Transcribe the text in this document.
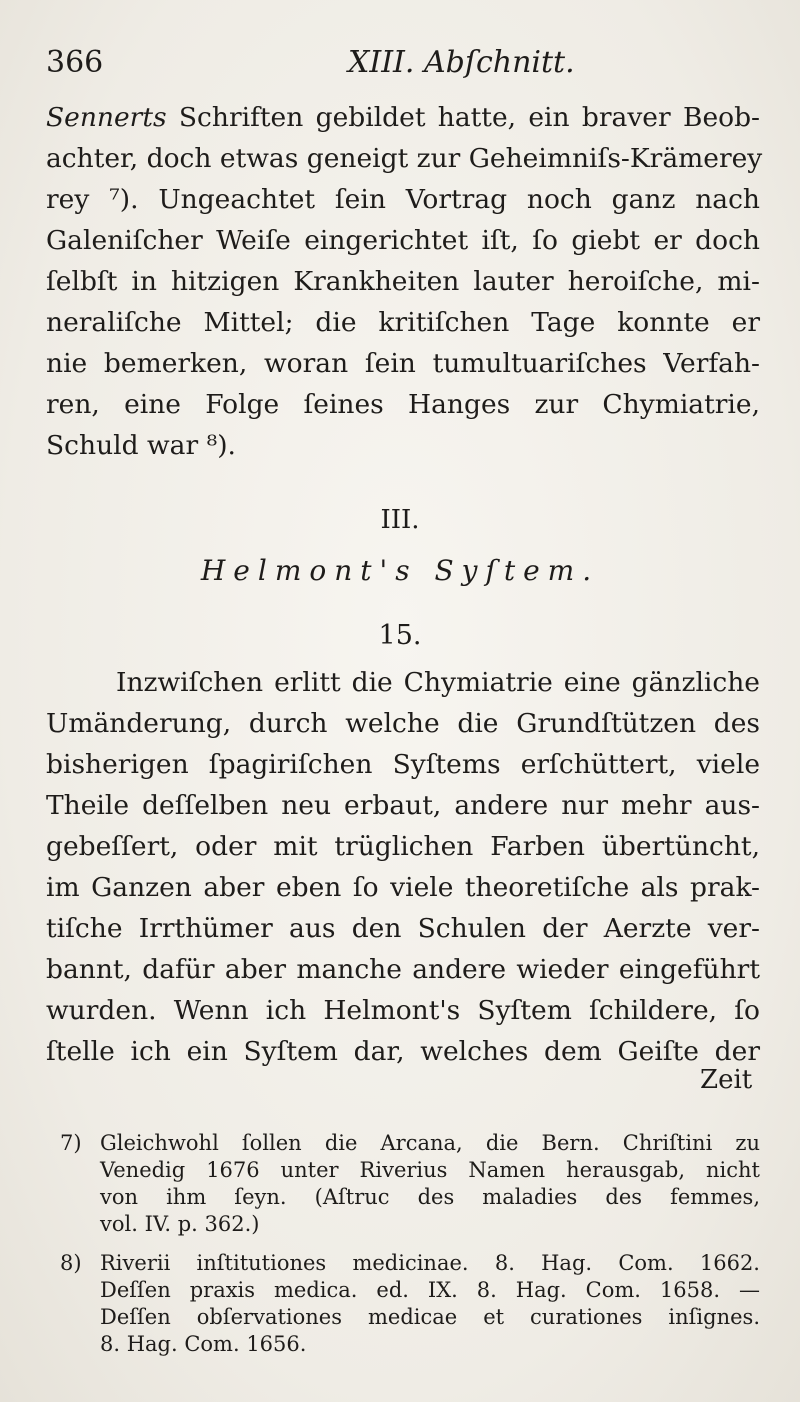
366	XIII. Abſchnitt.
Sennerts Schriften gebildet hatte, ein braver Beob-
achter, doch etwas geneigt zur Geheimniſs-Krämerey
rey ⁷). Ungeachtet ſein Vortrag noch ganz nach
Galeniſcher Weiſe eingerichtet iſt, ſo giebt er doch
ſelbſt in hitzigen Krankheiten lauter heroiſche, mi-
neraliſche Mittel; die kritiſchen Tage konnte er
nie bemerken, woran ſein tumultuariſches Verfah-
ren, eine Folge ſeines Hanges zur Chymiatrie,
Schuld war ⁸).
III.
Helmont's Syſtem.
15.
Inzwiſchen erlitt die Chymiatrie eine gänzliche
Umänderung, durch welche die Grundſtützen des
bisherigen ſpagiriſchen Syſtems erſchüttert, viele
Theile deſſelben neu erbaut, andere nur mehr aus-
gebeſſert, oder mit trüglichen Farben übertüncht,
im Ganzen aber eben ſo viele theoretiſche als prak-
tiſche Irrthümer aus den Schulen der Aerzte ver-
bannt, dafür aber manche andere wieder eingeführt
wurden. Wenn ich Helmont's Syſtem ſchildere, ſo
ſtelle ich ein Syſtem dar, welches dem Geiſte der
Zeit
7) Gleichwohl ſollen die Arcana, die Bern. Chriſtini zu
Venedig 1676 unter Riverius Namen herausgab, nicht
von ihm ſeyn. (Aſtruc des maladies des femmes,
vol. IV. p. 362.)
8) Riverii inſtitutiones medicinae. 8. Hag. Com. 1662.
Deſſen praxis medica. ed. IX. 8. Hag. Com. 1658. —
Deſſen obſervationes medicae et curationes inſignes.
8. Hag. Com. 1656.
